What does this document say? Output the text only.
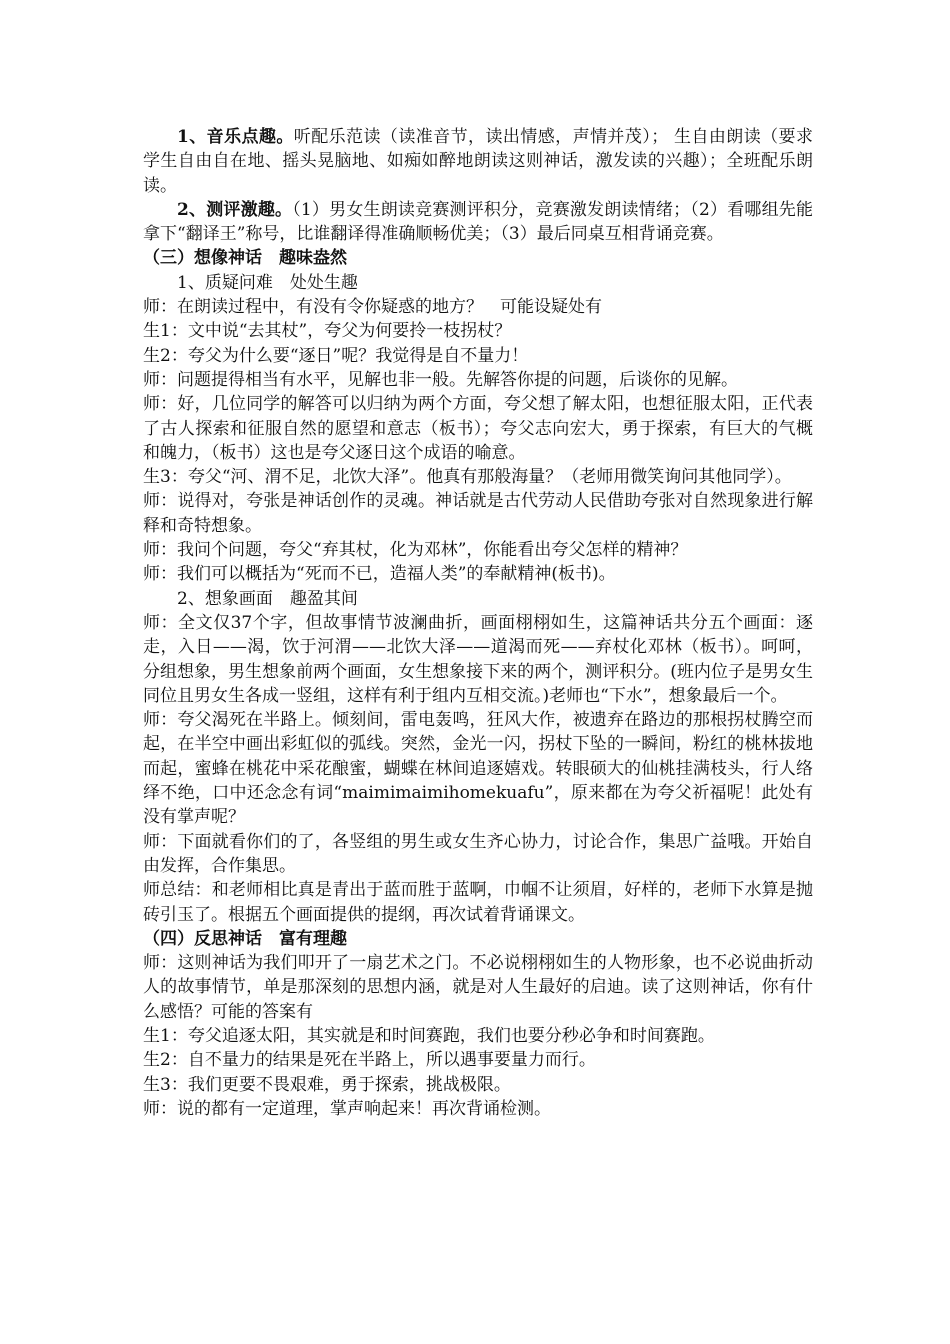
1、音乐点趣。听配乐范读（读准音节，读出情感，声情并茂）； 生自由朗读（要求学生自由自在地、摇头晃脑地、如痴如醉地朗读这则神话，激发读的兴趣）；全班配乐朗读。

2、测评激趣。（1）男女生朗读竞赛测评积分，竞赛激发朗读情绪；（2）看哪组先能拿下“翻译王”称号，比谁翻译得准确顺畅优美；（3）最后同桌互相背诵竞赛。

（三）想像神话　趣味盎然

1、质疑问难　处处生趣

师：在朗读过程中，有没有令你疑惑的地方？　可能设疑处有

生1：文中说“去其杖”，夸父为何要拎一枝拐杖？

生2：夸父为什么要“逐日”呢？我觉得是自不量力！

师：问题提得相当有水平，见解也非一般。先解答你提的问题，后谈你的见解。

师：好，几位同学的解答可以归纳为两个方面，夸父想了解太阳，也想征服太阳，正代表了古人探索和征服自然的愿望和意志（板书）；夸父志向宏大，勇于探索，有巨大的气概和魄力，（板书）这也是夸父逐日这个成语的喻意。

生3：夸父“河、渭不足，北饮大泽”。他真有那般海量？（老师用微笑询问其他同学）。

师：说得对，夸张是神话创作的灵魂。神话就是古代劳动人民借助夸张对自然现象进行解释和奇特想象。

师：我问个问题，夸父“弃其杖，化为邓林”，你能看出夸父怎样的精神？

师：我们可以概括为“死而不已，造福人类”的奉献精神(板书)。

2、想象画面　趣盈其间

师：全文仅37个字，但故事情节波澜曲折，画面栩栩如生，这篇神话共分五个画面：逐走，入日——渴，饮于河渭——北饮大泽——道渴而死——弃杖化邓林（板书）。呵呵，分组想象，男生想象前两个画面，女生想象接下来的两个，测评积分。(班内位子是男女生同位且男女生各成一竖组，这样有利于组内互相交流。)老师也“下水”，想象最后一个。

师：夸父渴死在半路上。倾刻间，雷电轰鸣，狂风大作，被遗弃在路边的那根拐杖腾空而起，在半空中画出彩虹似的弧线。突然，金光一闪，拐杖下坠的一瞬间，粉红的桃林拔地而起，蜜蜂在桃花中采花酿蜜，蝴蝶在林间追逐嬉戏。转眼硕大的仙桃挂满枝头，行人络绎不绝，口中还念念有词“maimimaimihomekuafu”，原来都在为夸父祈福呢！此处有没有掌声呢？

师：下面就看你们的了，各竖组的男生或女生齐心协力，讨论合作，集思广益哦。开始自由发挥，合作集思。

师总结：和老师相比真是青出于蓝而胜于蓝啊，巾帼不让须眉，好样的，老师下水算是抛砖引玉了。根据五个画面提供的提纲，再次试着背诵课文。

（四）反思神话　富有理趣

师：这则神话为我们叩开了一扇艺术之门。不必说栩栩如生的人物形象，也不必说曲折动人的故事情节，单是那深刻的思想内涵，就是对人生最好的启迪。读了这则神话，你有什么感悟？可能的答案有

生1：夸父追逐太阳，其实就是和时间赛跑，我们也要分秒必争和时间赛跑。

生2：自不量力的结果是死在半路上，所以遇事要量力而行。

生3：我们更要不畏艰难，勇于探索，挑战极限。

师：说的都有一定道理，掌声响起来！再次背诵检测。
